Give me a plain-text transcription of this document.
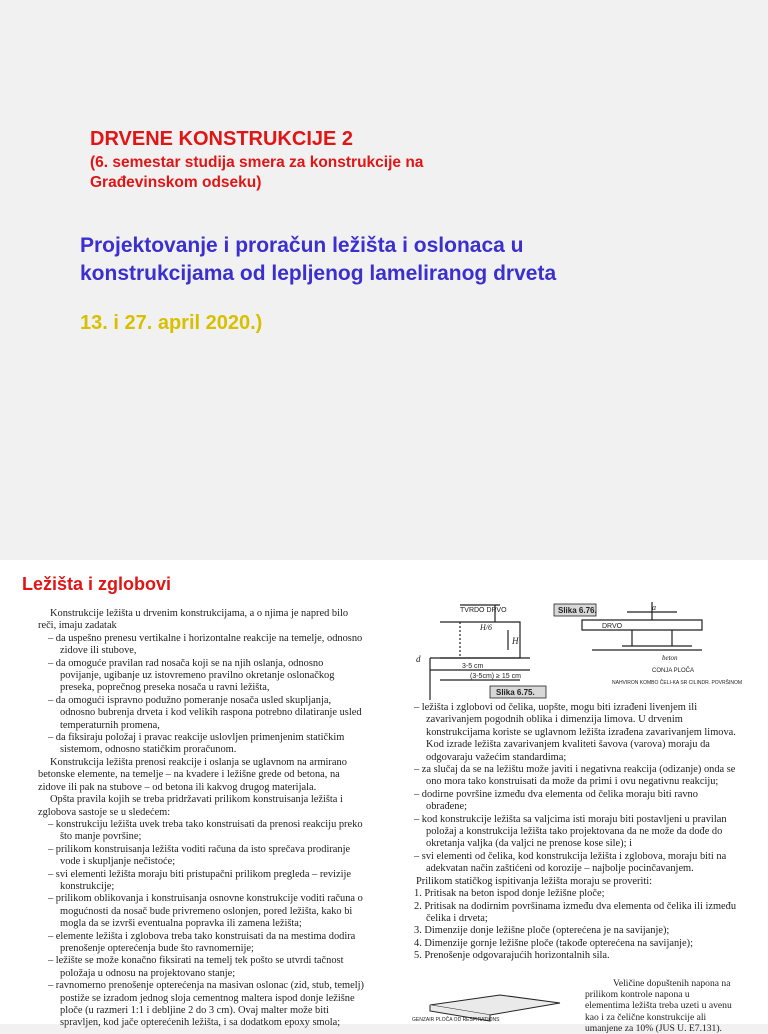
DRVENE KONSTRUKCIJE 2
(6. semestar studija smera za konstrukcije na Građevinskom odseku)
Projektovanje i proračun ležišta i oslonaca u konstrukcijama od lepljenog lameliranog drveta
13. i 27. april 2020.)
Ležišta i zglobovi

Konstrukcije ležišta u drvenim konstrukcijama, a o njima je napred bilo reči, imaju zadatak

– da uspešno prenesu vertikalne i horizontalne reakcije na temelje, odnosno zidove ili stubove,

– da omoguće pravilan rad nosača koji se na njih oslanja, odnosno povijanje, ugibanje uz istovremeno pravilno okretanje oslonačkog preseka, poprečnog preseka nosača u ravni ležišta,

– da omogući ispravno podužno pomeranje nosača usled skupljanja, odnosno bubrenja drveta i kod velikih raspona potrebno dilatiranje usled temperaturnih promena,

– da fiksiraju položaj i pravac reakcije uslovljen primenjenim statičkim sistemom, odnosno statičkim proračunom.

Konstrukcija ležišta prenosi reakcije i oslanja se uglavnom na armirano betonske elemente, na temelje – na kvadere i ležišne grede od betona, na zidove ili pak na stubove – od betona ili kakvog drugog materijala.

Opšta pravila kojih se treba pridržavati prilikom konstruisanja ležišta i zglobova sastoje se u sledećem:

– konstrukciju ležišta uvek treba tako konstruisati da prenosi reakciju preko što manje površine;

– prilikom konstruisanja ležišta voditi računa da isto sprečava prodiranje vode i skupljanje nečistoće;

– svi elementi ležišta moraju biti pristupačni prilikom pregleda – revizije konstrukcije;

– prilikom oblikovanja i konstruisanja osnovne konstrukcije voditi računa o mogućnosti da nosač bude privremeno oslonjen, pored ležišta, kako bi mogla da se izvrši eventualna popravka ili zamena ležišta;

– elemente ležišta i zglobova treba tako konstruisati da na mestima dodira prenošenje opterećenja bude što ravnomernije;

– ležište se može konačno fiksirati na temelj tek pošto se utvrdi tačnost položaja u odnosu na projektovano stanje;

– ravnomerno prenošenje opterećenja na masivan oslonac (zid, stub, temelj) postiže se izradom jednog sloja cementnog maltera ispod donje ležišne ploče (u razmeri 1:1 i debljine 2 do 3 cm). Ovaj malter može biti spravljen, kod jače opterećenih ležišta, i sa dodatkom epoxy smola;

TVRDO DRVO
H/6
H
d
3-5 cm
(3-5cm) ≥ 15 cm
Slika 6.75.
Slika 6.76.	a
DRVO
beton
CONJA PLOČA
NAHVIRON KOMBO ČELI-KA SR CILINDR. POVRŠINOM

– ležišta i zglobovi od čelika, uopšte, mogu biti izrađeni livenjem ili zavarivanjem pogodnih oblika i dimenzija limova. U drvenim konstrukcijama koriste se uglavnom ležišta izrađena zavarivanjem limova. Kod izrade ležišta zavarivanjem kvaliteti šavova (varova) moraju da odgovaraju važećim standardima;

– za slučaj da se na ležištu može javiti i negativna reakcija (odizanje) onda se ono mora tako konstruisati da može da primi i ovu negativnu reakciju;

– dodirne površine između dva elementa od čelika moraju biti ravno obrađene;

– kod konstrukcije ležišta sa valjcima isti moraju biti postavljeni u pravilan položaj a konstrukcija ležišta tako projektovana da ne može da dođe do okretanja valjka (da valjci ne prenose kose sile); i

– svi elementi od čelika, kod konstrukcija ležišta i zglobova, moraju biti na adekvatan način zaštićeni od korozije – najbolje pocinčavanjem.

Prilikom statičkog ispitivanja ležišta moraju se proveriti:

1. Pritisak na beton ispod donje ležišne ploče;

2. Pritisak na dodirnim površinama između dva elementa od čelika ili između čelika i drveta;

3. Dimenzije donje ležišne ploče (opterećena je na savijanje);

4. Dimenzije gornje ležišne ploče (takođe opterećena na savijanje);

5. Prenošenje odgovarajućih horizontalnih sila.

GENZAIR PLOČA OD RESPIRATIONS
Veličine dopuštenih napona na prilikom kontrole napona u elementima ležišta treba uzeti u avenu kao i za čelične konstrukcije ali umanjene za 10% (JUS U. E7.131).
